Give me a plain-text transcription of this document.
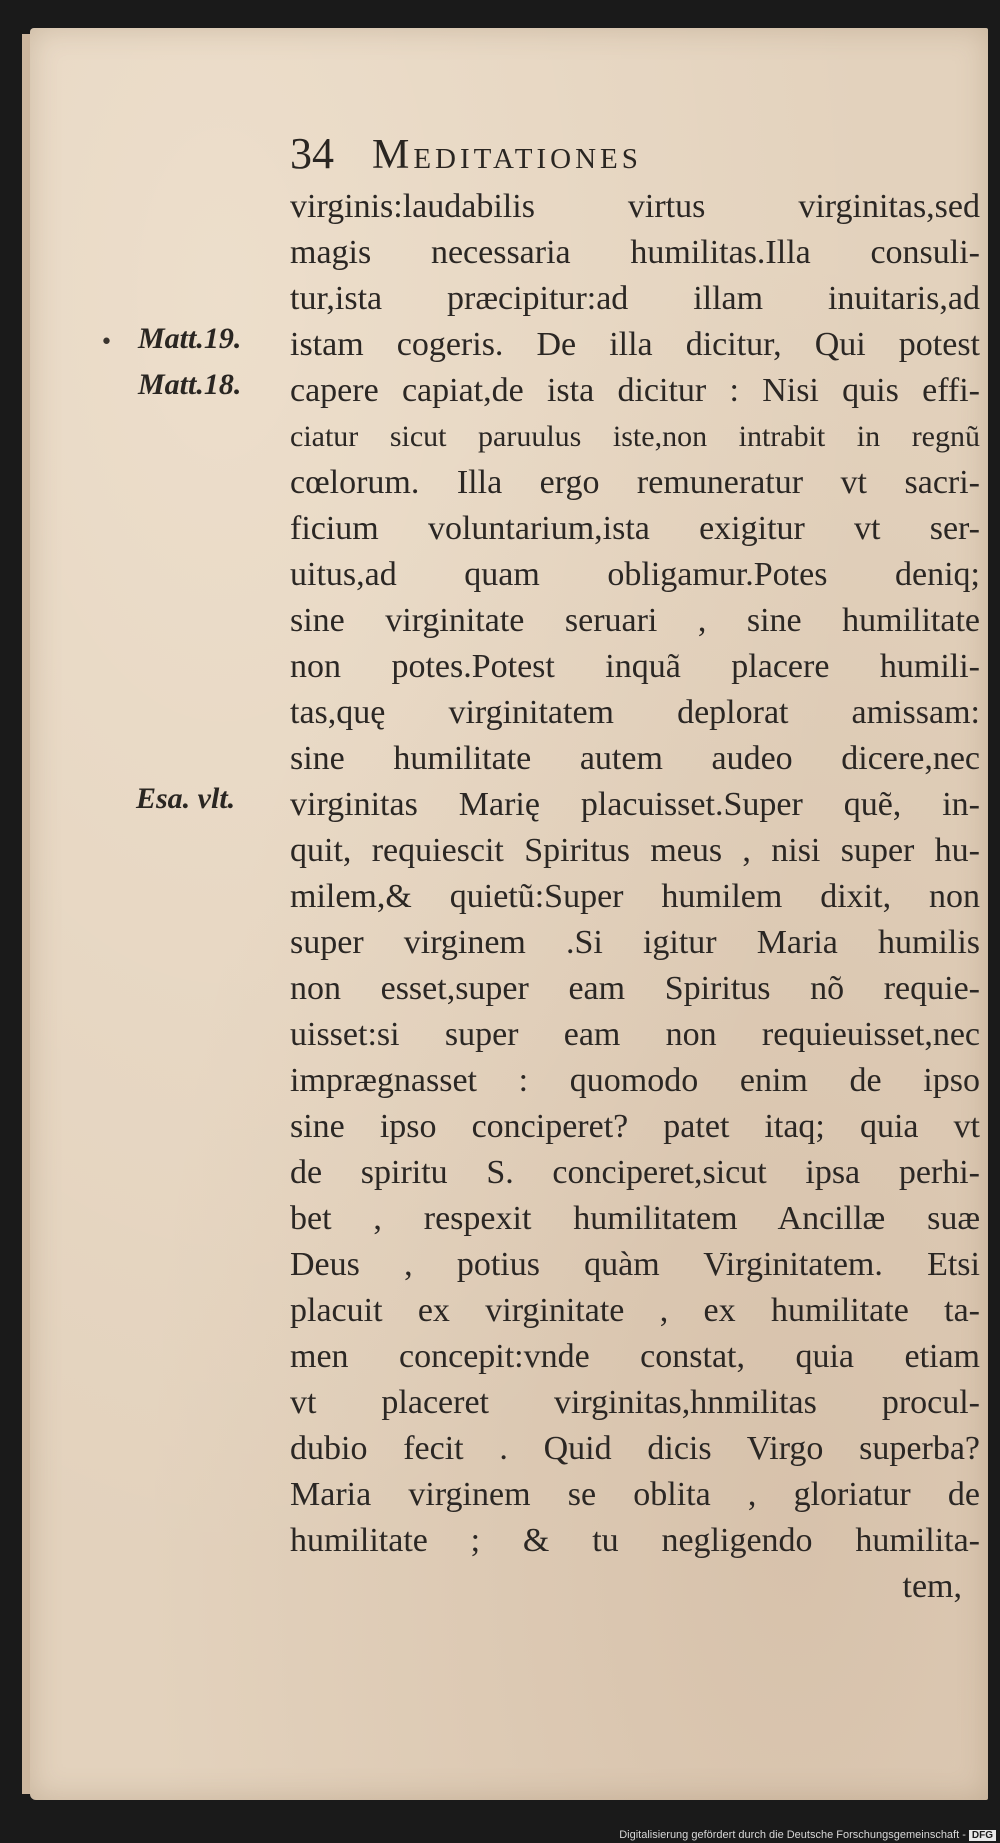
34 Meditationes
• Matt.19.
Matt.18.
Esa. vlt.
virginis:laudabilis virtus virginitas,sed
magis necessaria humilitas.Illa consuli-
tur,ista præcipitur:ad illam inuitaris,ad
istam cogeris. De illa dicitur, Qui potest
capere capiat,de ista dicitur : Nisi quis effi-
ciatur sicut paruulus iste,non intrabit in regnũ
cœlorum. Illa ergo remuneratur vt sacri-
ficium voluntarium,ista exigitur vt ser-
uitus,ad quam obligamur.Potes deniq;
sine virginitate seruari , sine humilitate
non potes.Potest inquã placere humili-
tas,quę virginitatem deplorat amissam:
sine humilitate autem audeo dicere,nec
virginitas Marię placuisset.Super quẽ, in-
quit, requiescit Spiritus meus , nisi super hu-
milem,& quietũ:Super humilem dixit, non
super virginem .Si igitur Maria humilis
non esset,super eam Spiritus nõ requie-
uisset:si super eam non requieuisset,nec
imprægnasset : quomodo enim de ipso
sine ipso conciperet? patet itaq; quia vt
de spiritu S. conciperet,sicut ipsa perhi-
bet , respexit humilitatem Ancillæ suæ
Deus , potius quàm Virginitatem. Etsi
placuit ex virginitate , ex humilitate ta-
men concepit:vnde constat, quia etiam
vt placeret virginitas,hnmilitas procul-
dubio fecit . Quid dicis Virgo superba?
Maria virginem se oblita , gloriatur de
humilitate ; & tu negligendo humilita-
tem,
Digitalisierung gefördert durch die Deutsche Forschungsgemeinschaft - DFG
